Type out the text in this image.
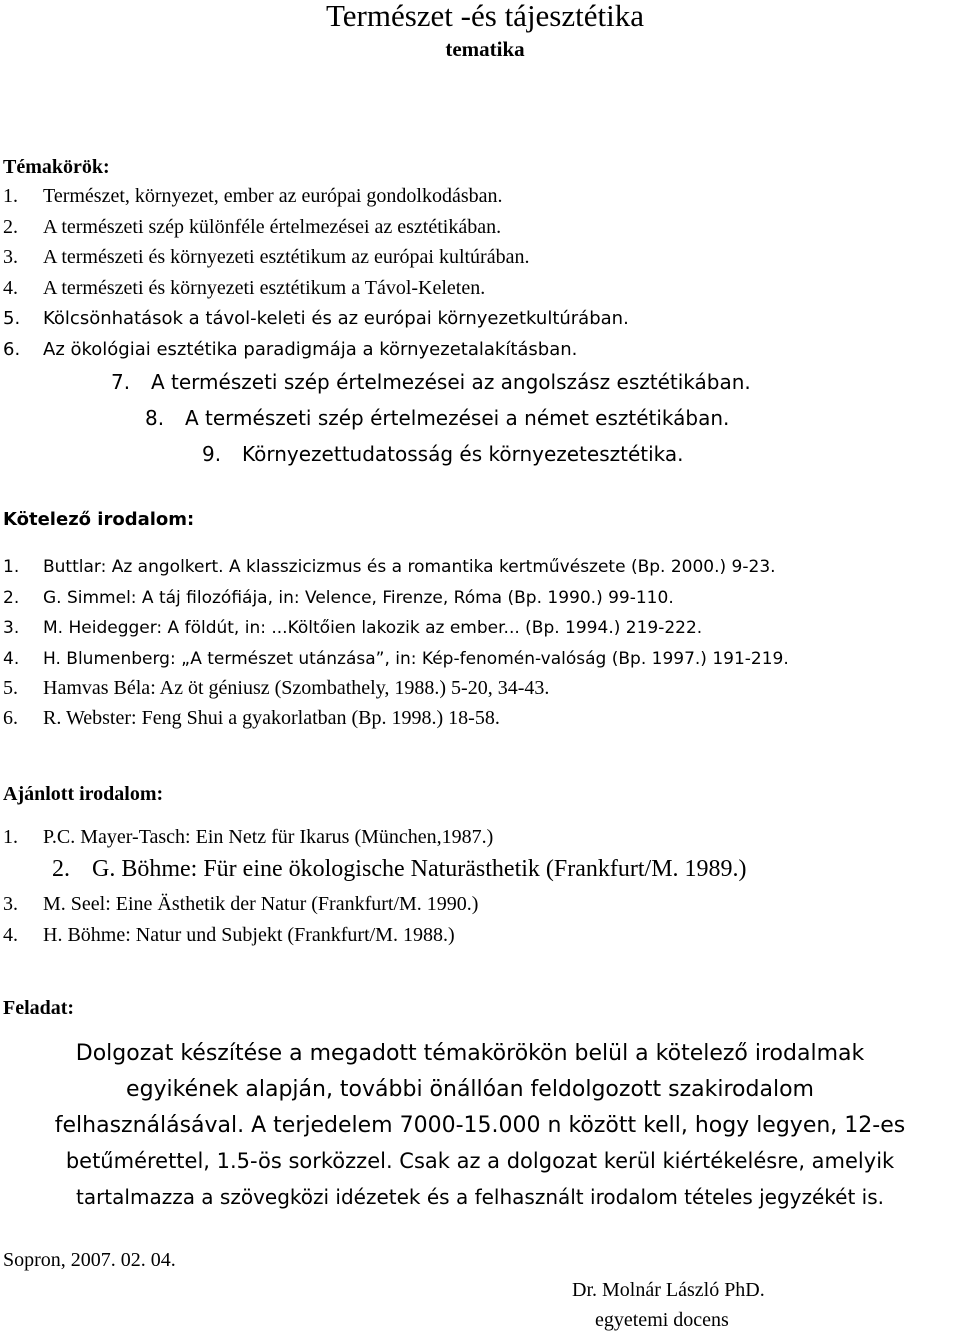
Természet -és tájesztétika
tematika
Témakörök:
1. Természet, környezet, ember az európai gondolkodásban.
2. A természeti szép különféle értelmezései az esztétikában.
3. A természeti és környezeti esztétikum az európai kultúrában.
4. A természeti és környezeti esztétikum a Távol-Keleten.
5. Kölcsönhatások a távol-keleti és az európai környezetkultúrában.
6. Az ökológiai esztétika paradigmája a környezetalakításban.
7. A természeti szép értelmezései az angolszász esztétikában.
8. A természeti szép értelmezései a német esztétikában.
9. Környezettudatosság és környezetesztétika.
Kötelező irodalom:
1. Buttlar: Az angolkert. A klasszicizmus és a romantika kertművészete (Bp. 2000.) 9-23.
2. G. Simmel: A táj filozófiája, in: Velence, Firenze, Róma (Bp. 1990.) 99-110.
3. M. Heidegger: A földút, in: ...Költőien lakozik az ember... (Bp. 1994.) 219-222.
4. H. Blumenberg: „A természet utánzása”, in: Kép-fenomén-valóság (Bp. 1997.) 191-219.
5. Hamvas Béla: Az öt géniusz (Szombathely, 1988.) 5-20, 34-43.
6. R. Webster: Feng Shui a gyakorlatban (Bp. 1998.) 18-58.
Ajánlott irodalom:
1. P.C. Mayer-Tasch: Ein Netz für Ikarus (München,1987.)
2. G. Böhme: Für eine ökologische Naturästhetik (Frankfurt/M. 1989.)
3. M. Seel: Eine Ästhetik der Natur (Frankfurt/M. 1990.)
4. H. Böhme: Natur und Subjekt (Frankfurt/M. 1988.)
Feladat:
Dolgozat készítése a megadott témakörökön belül a kötelező irodalmak
egyikének alapján, további önállóan feldolgozott szakirodalom
felhasználásával. A terjedelem 7000-15.000 n között kell, hogy legyen, 12-es
betűmérettel, 1.5-ös sorközzel. Csak az a dolgozat kerül kiértékelésre, amelyik
tartalmazza a szövegközi idézetek és a felhasznált irodalom tételes jegyzékét is.
Sopron, 2007. 02. 04.
Dr. Molnár László PhD.
egyetemi docens
